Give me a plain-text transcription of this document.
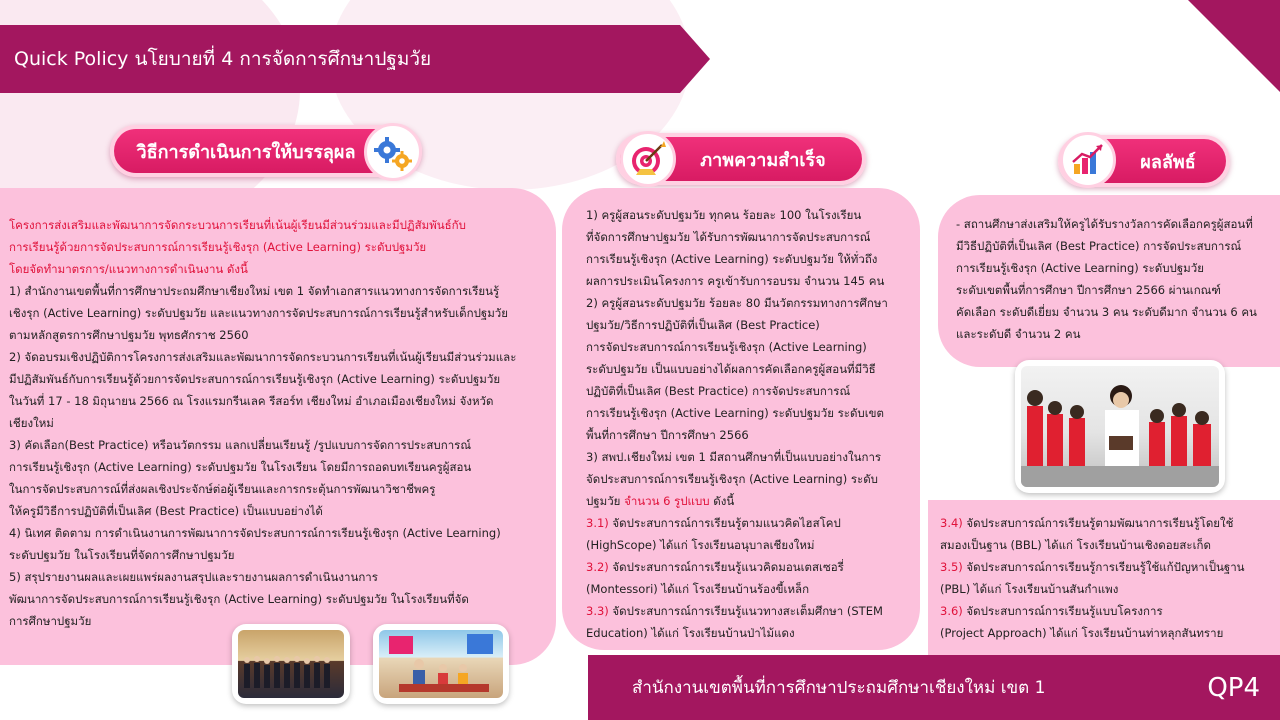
Quick Policy นโยบายที่ 4 การจัดการศึกษาปฐมวัย
วิธีการดำเนินการให้บรรลุผล	ภาพความสำเร็จ	ผลลัพธ์

โครงการส่งเสริมและพัฒนาการจัดกระบวนการเรียนที่เน้นผู้เรียนมีส่วนร่วมและมีปฏิสัมพันธ์กับ

การเรียนรู้ด้วยการจัดประสบการณ์การเรียนรู้เชิงรุก (Active Learning) ระดับปฐมวัย

โดยจัดทำมาตรการ/แนวทางการดำเนินงาน ดังนี้

1) สำนักงานเขตพื้นที่การศึกษาประถมศึกษาเชียงใหม่ เขต 1 จัดทำเอกสารแนวทางการจัดการเรียนรู้

เชิงรุก (Active Learning) ระดับปฐมวัย และแนวทางการจัดประสบการณ์การเรียนรู้สำหรับเด็กปฐมวัย

ตามหลักสูตรการศึกษาปฐมวัย พุทธศักราช 2560

2) จัดอบรมเชิงปฏิบัติการโครงการส่งเสริมและพัฒนาการจัดกระบวนการเรียนที่เน้นผู้เรียนมีส่วนร่วมและ

มีปฏิสัมพันธ์กับการเรียนรู้ด้วยการจัดประสบการณ์การเรียนรู้เชิงรุก (Active Learning) ระดับปฐมวัย

ในวันที่ 17 - 18 มิถุนายน 2566 ณ โรงแรมกรีนเลค รีสอร์ท เชียงใหม่ อำเภอเมืองเชียงใหม่ จังหวัด

เชียงใหม่

3) คัดเลือก(Best Practice) หรือนวัตกรรม แลกเปลี่ยนเรียนรู้ /รูปแบบการจัดการประสบการณ์

การเรียนรู้เชิงรุก (Active Learning) ระดับปฐมวัย ในโรงเรียน โดยมีการถอดบทเรียนครูผู้สอน

ในการจัดประสบการณ์ที่ส่งผลเชิงประจักษ์ต่อผู้เรียนและการกระตุ้นการพัฒนาวิชาชีพครู

ให้ครูมีวิธีการปฏิบัติที่เป็นเลิศ (Best Practice) เป็นแบบอย่างได้

4) นิเทศ ติดตาม การดำเนินงานการพัฒนาการจัดประสบการณ์การเรียนรู้เชิงรุก (Active Learning)

ระดับปฐมวัย ในโรงเรียนที่จัดการศึกษาปฐมวัย

5) สรุปรายงานผลและเผยแพร่ผลงานสรุปและรายงานผลการดำเนินงานการ

พัฒนาการจัดประสบการณ์การเรียนรู้เชิงรุก (Active Learning) ระดับปฐมวัย ในโรงเรียนที่จัด

การศึกษาปฐมวัย

1) ครูผู้สอนระดับปฐมวัย ทุกคน ร้อยละ 100 ในโรงเรียน

ที่จัดการศึกษาปฐมวัย ได้รับการพัฒนาการจัดประสบการณ์

การเรียนรู้เชิงรุก (Active Learning) ระดับปฐมวัย ให้ทั่วถึง

ผลการประเมินโครงการ ครูเข้ารับการอบรม จำนวน 145 คน

2) ครูผู้สอนระดับปฐมวัย ร้อยละ 80 มีนวัตกรรมทางการศึกษา

ปฐมวัย/วิธีการปฏิบัติที่เป็นเลิศ (Best Practice)

การจัดประสบการณ์การเรียนรู้เชิงรุก (Active Learning)

ระดับปฐมวัย เป็นแบบอย่างได้ผลการคัดเลือกครูผู้สอนที่มีวิธี

ปฏิบัติที่เป็นเลิศ (Best Practice) การจัดประสบการณ์

การเรียนรู้เชิงรุก (Active Learning) ระดับปฐมวัย ระดับเขต

พื้นที่การศึกษา ปีการศึกษา 2566

3) สพป.เชียงใหม่ เขต 1 มีสถานศึกษาที่เป็นแบบอย่างในการ

จัดประสบการณ์การเรียนรู้เชิงรุก (Active Learning) ระดับ

ปฐมวัย จำนวน 6 รูปแบบ ดังนี้

3.1) จัดประสบการณ์การเรียนรู้ตามแนวคิดไฮสโคป

(HighScope) ได้แก่ โรงเรียนอนุบาลเชียงใหม่

3.2) จัดประสบการณ์การเรียนรู้แนวคิดมอนเตสเซอรี่

(Montessori) ได้แก่ โรงเรียนบ้านร้องขี้เหล็ก

3.3) จัดประสบการณ์การเรียนรู้แนวทางสะเต็มศึกษา (STEM

Education) ได้แก่ โรงเรียนบ้านป่าไม้แดง

- สถานศึกษาส่งเสริมให้ครูได้รับรางวัลการคัดเลือกครูผู้สอนที่

มีวิธีปฏิบัติที่เป็นเลิศ (Best Practice) การจัดประสบการณ์

การเรียนรู้เชิงรุก (Active Learning) ระดับปฐมวัย

ระดับเขตพื้นที่การศึกษา ปีการศึกษา 2566 ผ่านเกณฑ์

คัดเลือก ระดับดีเยี่ยม จำนวน 3 คน ระดับดีมาก จำนวน 6 คน

และระดับดี จำนวน 2 คน

3.4) จัดประสบการณ์การเรียนรู้ตามพัฒนาการเรียนรู้โดยใช้

สมองเป็นฐาน (BBL) ได้แก่ โรงเรียนบ้านเชิงดอยสะเก็ด

3.5) จัดประสบการณ์การเรียนรู้การเรียนรู้ใช้แก้ปัญหาเป็นฐาน

(PBL) ได้แก่ โรงเรียนบ้านสันกำแพง

3.6) จัดประสบการณ์การเรียนรู้แบบโครงการ

(Project Approach) ได้แก่ โรงเรียนบ้านท่าหลุกสันทราย

สำนักงานเขตพื้นที่การศึกษาประถมศึกษาเชียงใหม่ เขต 1	QP4
